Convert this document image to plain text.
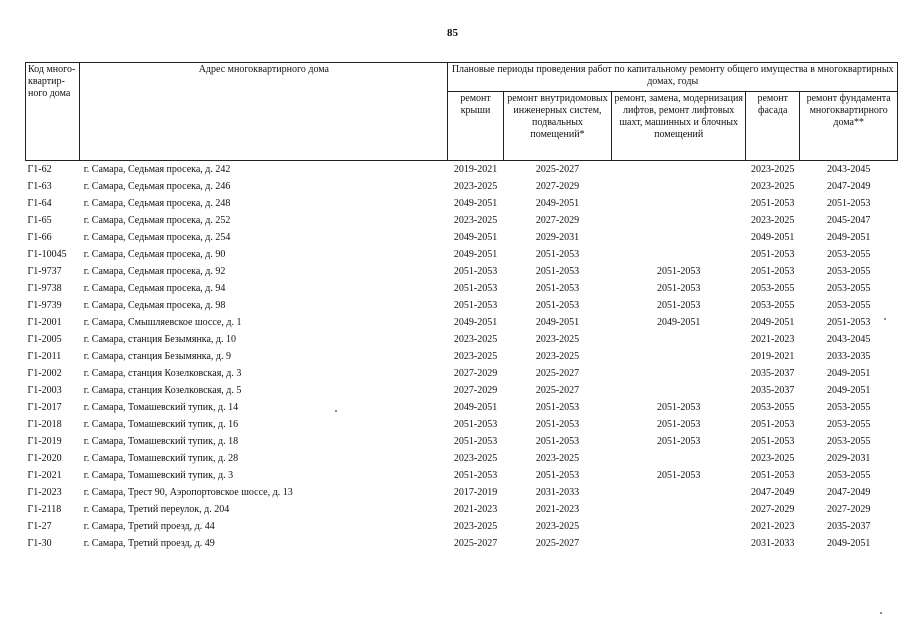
85
Код много-квартир-ного дома	Адрес многоквартирного дома	Плановые периоды проведения работ по капитальному ремонту общего имущества в многоквартирных домах, годы				
		ремонт крыши	ремонт внутридомовых инженерных систем, подвальных помещений*	ремонт, замена, модернизация лифтов, ремонт лифтовых шахт, машинных и блочных помещений	ремонт фасада	ремонт фундамента многоквартирного дома**
Г1-62	г. Самара, Седьмая просека, д. 242	2019-2021	2025-2027		2023-2025	2043-2045
Г1-63	г. Самара, Седьмая просека, д. 246	2023-2025	2027-2029		2023-2025	2047-2049
Г1-64	г. Самара, Седьмая просека, д. 248	2049-2051	2049-2051		2051-2053	2051-2053
Г1-65	г. Самара, Седьмая просека, д. 252	2023-2025	2027-2029		2023-2025	2045-2047
Г1-66	г. Самара, Седьмая просека, д. 254	2049-2051	2029-2031		2049-2051	2049-2051
Г1-10045	г. Самара, Седьмая просека, д. 90	2049-2051	2051-2053		2051-2053	2053-2055
Г1-9737	г. Самара, Седьмая просека, д. 92	2051-2053	2051-2053	2051-2053	2051-2053	2053-2055
Г1-9738	г. Самара, Седьмая просека, д. 94	2051-2053	2051-2053	2051-2053	2053-2055	2053-2055
Г1-9739	г. Самара, Седьмая просека, д. 98	2051-2053	2051-2053	2051-2053	2053-2055	2053-2055
Г1-2001	г. Самара, Смышляевское шоссе, д. 1	2049-2051	2049-2051	2049-2051	2049-2051	2051-2053
Г1-2005	г. Самара, станция Безымянка, д. 10	2023-2025	2023-2025		2021-2023	2043-2045
Г1-2011	г. Самара, станция Безымянка, д. 9	2023-2025	2023-2025		2019-2021	2033-2035
Г1-2002	г. Самара, станция Козелковская, д. 3	2027-2029	2025-2027		2035-2037	2049-2051
Г1-2003	г. Самара, станция Козелковская, д. 5	2027-2029	2025-2027		2035-2037	2049-2051
Г1-2017	г. Самара, Томашевский тупик, д. 14	2049-2051	2051-2053	2051-2053	2053-2055	2053-2055
Г1-2018	г. Самара, Томашевский тупик, д. 16	2051-2053	2051-2053	2051-2053	2051-2053	2053-2055
Г1-2019	г. Самара, Томашевский тупик, д. 18	2051-2053	2051-2053	2051-2053	2051-2053	2053-2055
Г1-2020	г. Самара, Томашевский тупик, д. 28	2023-2025	2023-2025		2023-2025	2029-2031
Г1-2021	г. Самара, Томашевский тупик, д. 3	2051-2053	2051-2053	2051-2053	2051-2053	2053-2055
Г1-2023	г. Самара, Трест 90, Аэропортовское шоссе, д. 13	2017-2019	2031-2033		2047-2049	2047-2049
Г1-2118	г. Самара, Третий переулок, д. 204	2021-2023	2021-2023		2027-2029	2027-2029
Г1-27	г. Самара, Третий проезд, д. 44	2023-2025	2023-2025		2021-2023	2035-2037
Г1-30	г. Самара, Третий проезд, д. 49	2025-2027	2025-2027		2031-2033	2049-2051
